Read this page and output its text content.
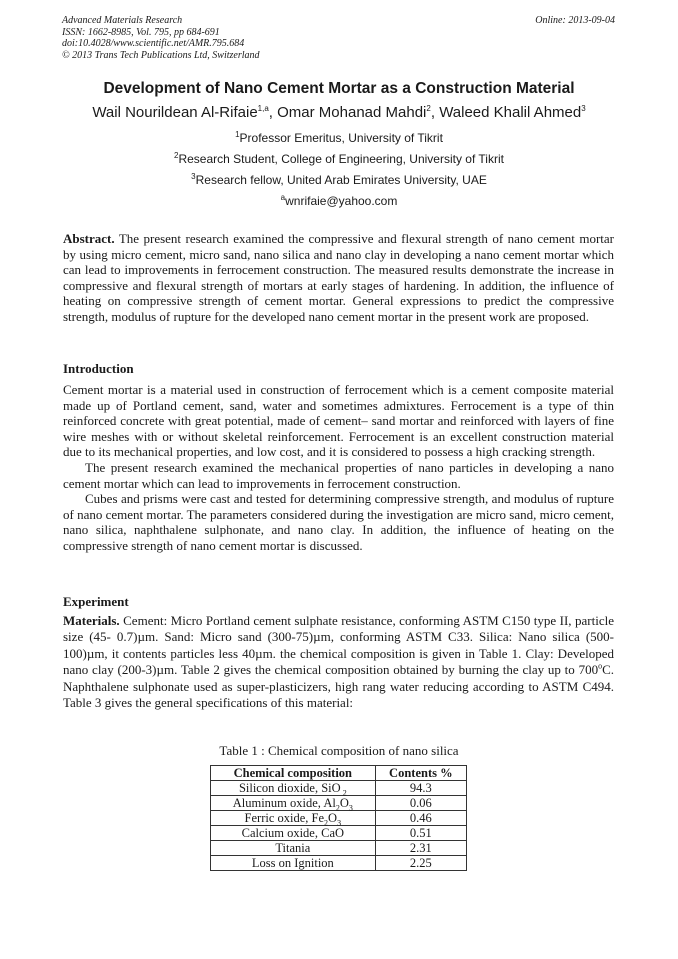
Advanced Materials Research
ISSN: 1662-8985, Vol. 795, pp 684-691
doi:10.4028/www.scientific.net/AMR.795.684
© 2013 Trans Tech Publications Ltd, Switzerland
Online: 2013-09-04
Development of Nano Cement Mortar as a Construction Material
Wail Nourildean Al-Rifaie$^{1,a}$, Omar Mohanad Mahdi$^2$, Waleed Khalil Ahmed$^3$
$^1$Professor Emeritus, University of Tikrit
$^2$Research Student, College of Engineering, University of Tikrit
$^3$Research fellow, United Arab Emirates University, UAE
$^a$wnrifaie@yahoo.com

Abstract. The present research examined the compressive and flexural strength of nano cement mortar by using micro cement, micro sand, nano silica and nano clay in developing a nano cement mortar which can lead to improvements in ferrocement construction. The measured results demonstrate the increase in compressive and flexural strength of mortars at early stages of hardening. In addition, the influence of heating on compressive strength of cement mortar. General expressions to predict the compressive strength, modulus of rupture for the developed nano cement mortar in the present work are proposed.

Introduction

Cement mortar is a material used in construction of ferrocement which is a cement composite material made up of Portland cement, sand, water and sometimes admixtures. Ferrocement is a type of thin reinforced concrete with great potential, made of cement– sand mortar and reinforced with layers of fine wire meshes with or without skeletal reinforcement. Ferrocement is an excellent construction material due to its mechanical properties, and low cost, and it is considered to possess a high cracking strength.

The present research examined the mechanical properties of nano particles in developing a nano cement mortar which can lead to improvements in ferrocement construction.

Cubes and prisms were cast and tested for determining compressive strength, and modulus of rupture of nano cement mortar. The parameters considered during the investigation are micro sand, micro cement, nano silica, naphthalene sulphonate, and nano clay. In addition, the influence of heating on the compressive strength of nano cement mortar is discussed.

Experiment

Materials. Cement: Micro Portland cement sulphate resistance, conforming ASTM C150 type II, particle size (45- 0.7)µm. Sand: Micro sand (300-75)µm, conforming ASTM C33. Silica: Nano silica (500-100)µm, it contents particles less 40µm. the chemical composition is given in Table 1. Clay: Developed nano clay (200-3)µm. Table 2 gives the chemical composition obtained by burning the clay up to 700$^o$C. Naphthalene sulphonate used as super-plasticizers, high rang water reducing according to ASTM C494. Table 3 gives the general specifications of this material:

Table 1 : Chemical composition of nano silica
Chemical composition	Contents %
Silicon dioxide, SiO $_2$	94.3
Aluminum oxide, $Al_2O_3$	0.06
Ferric oxide, $Fe_2O_3$	0.46
Calcium oxide, CaO	0.51
Titania	2.31
Loss on Ignition	2.25
